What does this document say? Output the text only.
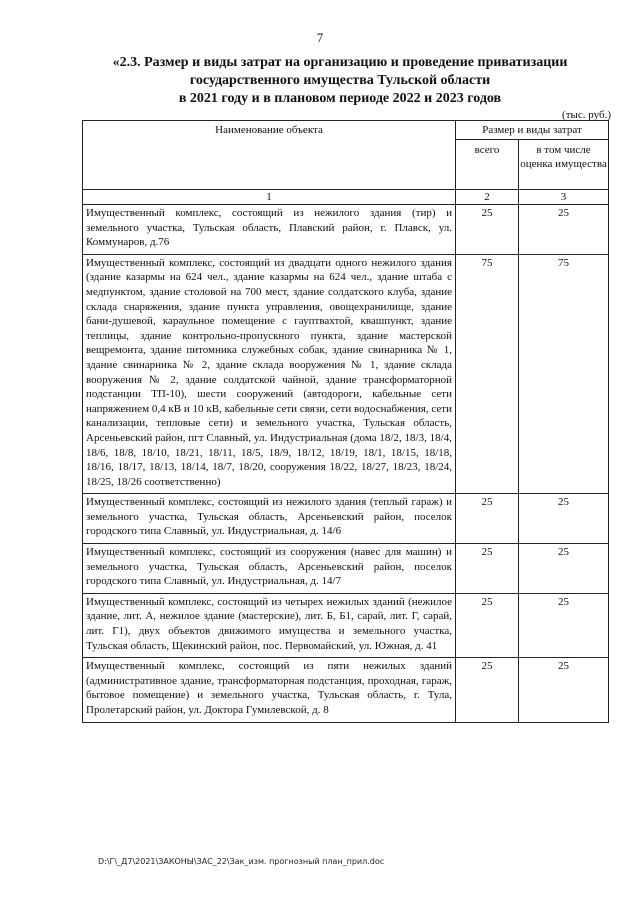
7
«2.3. Размер и виды затрат на организацию и проведение приватизации
государственного имущества Тульской области
в 2021 году и в плановом периоде 2022 и 2023 годов
(тыс. руб.)
Наименование объекта	Размер и виды затрат	
	всего	в том числе оценка имущества
1	2	3
Имущественный комплекс, состоящий из нежилого здания (тир) и земельного участка, Тульская область, Плавский район, г. Плавск, ул. Коммунаров, д.76	25	25
Имущественный комплекс, состоящий из двадцати одного нежилого здания (здание казармы на 624 чел., здание казармы на 624 чел., здание штаба с медпунктом, здание столовой на 700 мест, здание солдатского клуба, здание склада снаряжения, здание пункта управления, овощехранилище, здание бани-душевой, караульное помещение с гауптвахтой, квашпункт, здание теплицы, здание контрольно-пропускного пункта, здание мастерской вещремонта, здание питомника служебных собак, здание свинарника № 1, здание свинарника № 2, здание склада вооружения № 1, здание склада вооружения № 2, здание солдатской чайной, здание трансформаторной подстанции ТП-10), шести сооружений (автодороги, кабельные сети напряжением 0,4 кВ и 10 кВ, кабельные сети связи, сети водоснабжения, сети канализации, тепловые сети) и земельного участка, Тульская область, Арсеньевский район, пгт Славный, ул. Индустриальная (дома 18/2, 18/3, 18/4, 18/6, 18/8, 18/10, 18/21, 18/11, 18/5, 18/9, 18/12, 18/19, 18/1, 18/15, 18/18, 18/16, 18/17, 18/13, 18/14, 18/7, 18/20, сооружения 18/22, 18/27, 18/23, 18/24, 18/25, 18/26 соответственно)	75	75
Имущественный комплекс, состоящий из нежилого здания (теплый гараж) и земельного участка, Тульская область, Арсеньевский район, поселок городского типа Славный, ул. Индустриальная, д. 14/6	25	25
Имущественный комплекс, состоящий из сооружения (навес для машин) и земельного участка, Тульская область, Арсеньевский район, поселок городского типа Славный, ул. Индустриальная, д. 14/7	25	25
Имущественный комплекс, состоящий из четырех нежилых зданий (нежилое здание, лит. А, нежилое здание (мастерские), лит. Б, Б1, сарай, лит. Г, сарай, лит. Г1), двух объектов движимого имущества и земельного участка, Тульская область, Щекинский район, пос. Первомайский, ул. Южная, д. 41	25	25
Имущественный комплекс, состоящий из пяти нежилых зданий (административное здание, трансформаторная подстанция, проходная, гараж, бытовое помещение) и земельного участка, Тульская область, г. Тула, Пролетарский район, ул. Доктора Гумилевской, д. 8	25	25
D:\Г\_Д7\2021\ЗАКОНЫ\ЗАС_22\Зак_изм. прогнозный план_прил.doc
